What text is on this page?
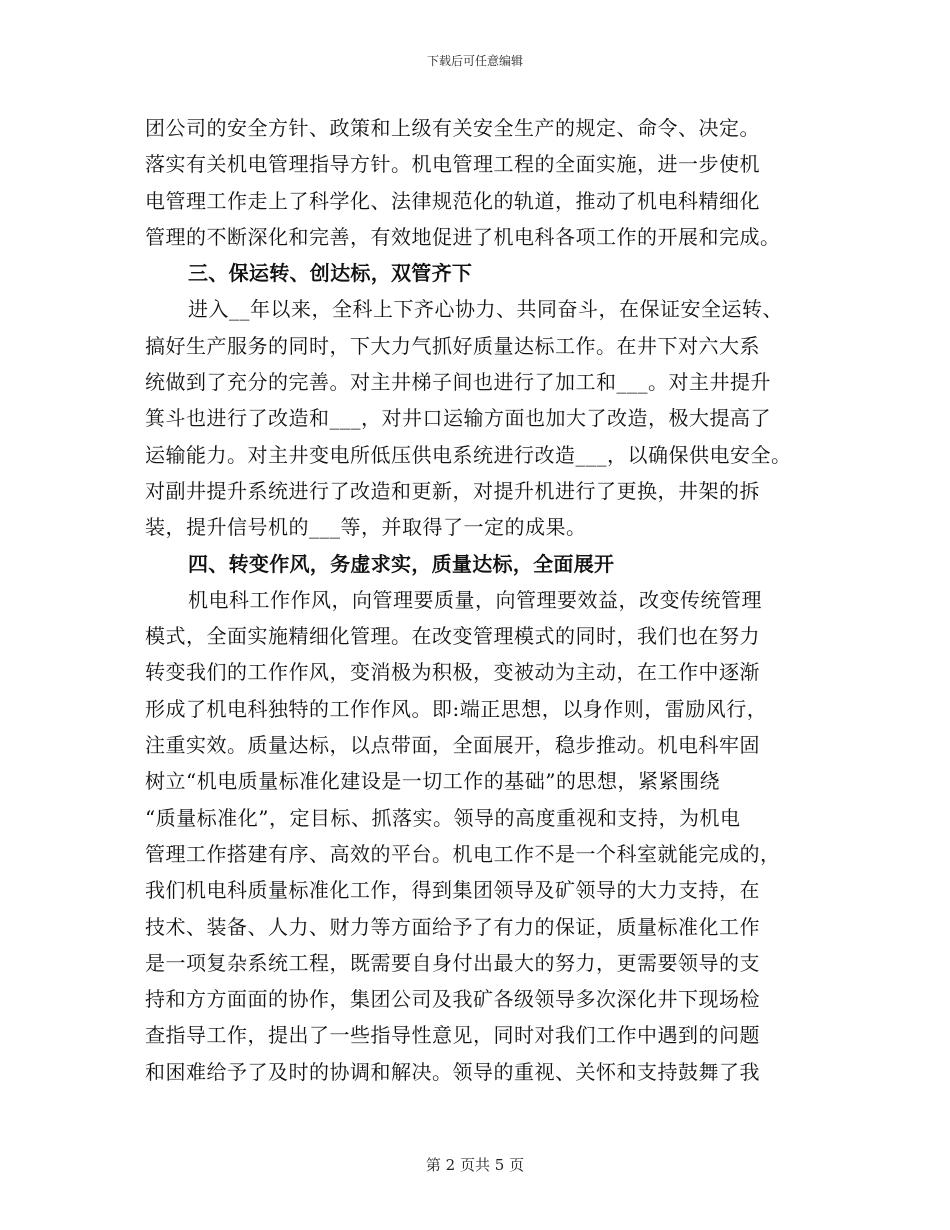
下载后可任意编辑
团公司的安全方针、政策和上级有关安全生产的规定、命令、决定。
落实有关机电管理指导方针。机电管理工程的全面实施，进一步使机
电管理工作走上了科学化、法律规范化的轨道，推动了机电科精细化
管理的不断深化和完善，有效地促进了机电科各项工作的开展和完成。
三、保运转、创达标，双管齐下
进入__年以来，全科上下齐心协力、共同奋斗，在保证安全运转、
搞好生产服务的同时，下大力气抓好质量达标工作。在井下对六大系
统做到了充分的完善。对主井梯子间也进行了加工和___。对主井提升
箕斗也进行了改造和___，对井口运输方面也加大了改造，极大提高了
运输能力。对主井变电所低压供电系统进行改造___，以确保供电安全。
对副井提升系统进行了改造和更新，对提升机进行了更换，井架的拆
装，提升信号机的___等，并取得了一定的成果。
四、转变作风，务虚求实，质量达标，全面展开
机电科工作作风，向管理要质量，向管理要效益，改变传统管理
模式，全面实施精细化管理。在改变管理模式的同时，我们也在努力
转变我们的工作作风，变消极为积极，变被动为主动，在工作中逐渐
形成了机电科独特的工作作风。即:端正思想，以身作则，雷励风行，
注重实效。质量达标，以点带面，全面展开，稳步推动。机电科牢固
树立“机电质量标准化建设是一切工作的基础”的思想，紧紧围绕
“质量标准化”，定目标、抓落实。领导的高度重视和支持，为机电
管理工作搭建有序、高效的平台。机电工作不是一个科室就能完成的，
我们机电科质量标准化工作，得到集团领导及矿领导的大力支持，在
技术、装备、人力、财力等方面给予了有力的保证，质量标准化工作
是一项复杂系统工程，既需要自身付出最大的努力，更需要领导的支
持和方方面面的协作，集团公司及我矿各级领导多次深化井下现场检
查指导工作，提出了一些指导性意见，同时对我们工作中遇到的问题
和困难给予了及时的协调和解决。领导的重视、关怀和支持鼓舞了我
第 2 页共 5 页
